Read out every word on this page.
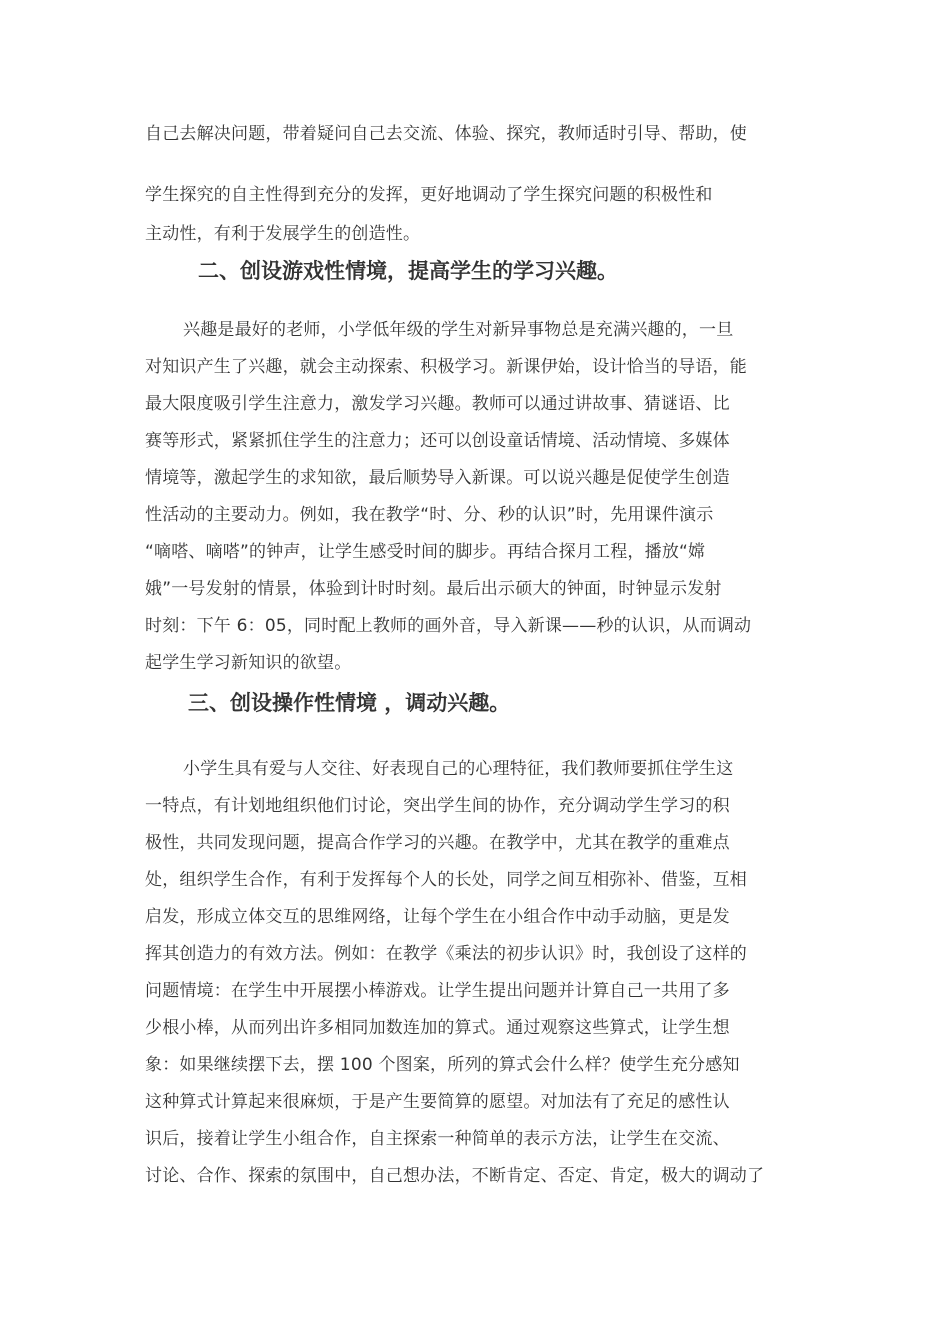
自己去解决问题，带着疑问自己去交流、体验、探究，教师适时引导、帮助，使
学生探究的自主性得到充分的发挥，更好地调动了学生探究问题的积极性和
主动性，有利于发展学生的创造性。
二、创设游戏性情境，提高学生的学习兴趣。
兴趣是最好的老师，小学低年级的学生对新异事物总是充满兴趣的，一旦
对知识产生了兴趣，就会主动探索、积极学习。新课伊始，设计恰当的导语，能
最大限度吸引学生注意力，激发学习兴趣。教师可以通过讲故事、猜谜语、比
赛等形式，紧紧抓住学生的注意力；还可以创设童话情境、活动情境、多媒体
情境等，激起学生的求知欲，最后顺势导入新课。可以说兴趣是促使学生创造
性活动的主要动力。例如，我在教学“时、分、秒的认识”时，先用课件演示
“嘀嗒、嘀嗒”的钟声，让学生感受时间的脚步。再结合探月工程，播放“嫦
娥”一号发射的情景，体验到计时时刻。最后出示硕大的钟面，时钟显示发射
时刻：下午 6：05，同时配上教师的画外音，导入新课——秒的认识，从而调动
起学生学习新知识的欲望。
三、创设操作性情境 ，调动兴趣。
小学生具有爱与人交往、好表现自己的心理特征，我们教师要抓住学生这
一特点，有计划地组织他们讨论，突出学生间的协作，充分调动学生学习的积
极性，共同发现问题，提高合作学习的兴趣。在教学中，尤其在教学的重难点
处，组织学生合作，有利于发挥每个人的长处，同学之间互相弥补、借鉴，互相
启发，形成立体交互的思维网络，让每个学生在小组合作中动手动脑，更是发
挥其创造力的有效方法。例如：在教学《乘法的初步认识》时，我创设了这样的
问题情境：在学生中开展摆小棒游戏。让学生提出问题并计算自己一共用了多
少根小棒，从而列出许多相同加数连加的算式。通过观察这些算式，让学生想
象：如果继续摆下去，摆 100 个图案，所列的算式会什么样？使学生充分感知
这种算式计算起来很麻烦，于是产生要简算的愿望。对加法有了充足的感性认
识后，接着让学生小组合作，自主探索一种简单的表示方法，让学生在交流、
讨论、合作、探索的氛围中，自己想办法，不断肯定、否定、肯定，极大的调动了
